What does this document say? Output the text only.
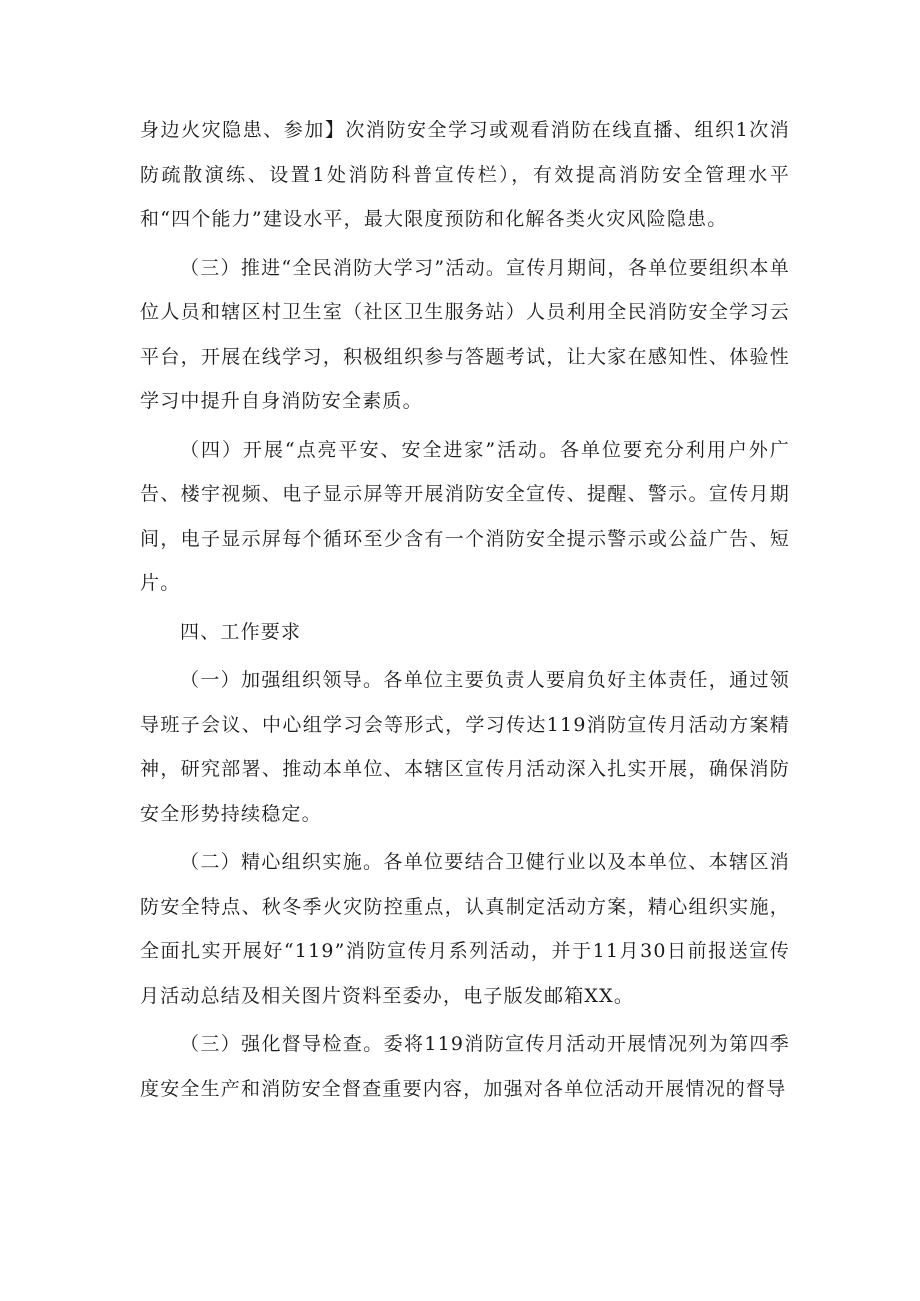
身边火灾隐患、参加】次消防安全学习或观看消防在线直播、组织1次消防疏散演练、设置1处消防科普宣传栏），有效提高消防安全管理水平和“四个能力”建设水平，最大限度预防和化解各类火灾风险隐患。

（三）推进“全民消防大学习”活动。宣传月期间，各单位要组织本单位人员和辖区村卫生室（社区卫生服务站）人员利用全民消防安全学习云平台，开展在线学习，积极组织参与答题考试，让大家在感知性、体验性学习中提升自身消防安全素质。

（四）开展“点亮平安、安全进家”活动。各单位要充分利用户外广告、楼宇视频、电子显示屏等开展消防安全宣传、提醒、警示。宣传月期间，电子显示屏每个循环至少含有一个消防安全提示警示或公益广告、短片。

四、工作要求

（一）加强组织领导。各单位主要负责人要肩负好主体责任，通过领导班子会议、中心组学习会等形式，学习传达119消防宣传月活动方案精神，研究部署、推动本单位、本辖区宣传月活动深入扎实开展，确保消防安全形势持续稳定。

（二）精心组织实施。各单位要结合卫健行业以及本单位、本辖区消防安全特点、秋冬季火灾防控重点，认真制定活动方案，精心组织实施，全面扎实开展好“119”消防宣传月系列活动，并于11月30日前报送宣传月活动总结及相关图片资料至委办，电子版发邮箱XX。

（三）强化督导检查。委将119消防宣传月活动开展情况列为第四季度安全生产和消防安全督查重要内容，加强对各单位活动开展情况的督导
